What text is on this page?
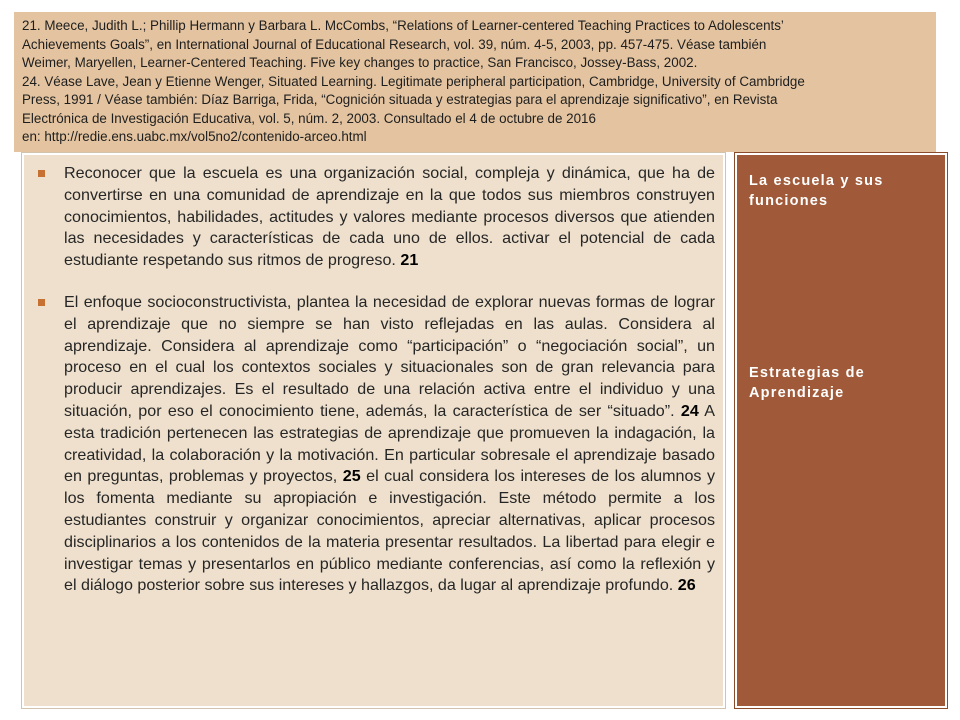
21. Meece, Judith L.; Phillip Hermann y Barbara L. McCombs, “Relations of Learner-centered Teaching Practices to Adolescents’
Achievements Goals”, en International Journal of Educational Research, vol. 39, núm. 4-5, 2003, pp. 457-475. Véase también
Weimer, Maryellen, Learner-Centered Teaching. Five key changes to practice, San Francisco, Jossey-Bass, 2002.
24. Véase Lave, Jean y Etienne Wenger, Situated Learning. Legitimate peripheral participation, Cambridge, University of Cambridge
Press, 1991 / Véase también: Díaz Barriga, Frida, “Cognición situada y estrategias para el aprendizaje significativo”, en Revista
Electrónica de Investigación Educativa, vol. 5, núm. 2, 2003. Consultado el 4 de octubre de 2016
en: http://redie.ens.uabc.mx/vol5no2/contenido-arceo.html

Reconocer que la escuela es una organización social, compleja y dinámica, que ha de convertirse en una comunidad de aprendizaje en la que todos sus miembros construyen conocimientos, habilidades, actitudes y valores mediante procesos diversos que atienden las necesidades y características de cada uno de ellos. activar el potencial de cada estudiante respetando sus ritmos de progreso. 21

El enfoque socioconstructivista, plantea la necesidad de explorar nuevas formas de lograr el aprendizaje que no siempre se han visto reflejadas en las aulas. Considera al aprendizaje. Considera al aprendizaje como “participación” o “negociación social”, un proceso en el cual los contextos sociales y situacionales son de gran relevancia para producir aprendizajes. Es el resultado de una relación activa entre el individuo y una situación, por eso el conocimiento tiene, además, la característica de ser “situado”. 24 A esta tradición pertenecen las estrategias de aprendizaje que promueven la indagación, la creatividad, la colaboración y la motivación. En particular sobresale el aprendizaje basado en preguntas, problemas y proyectos, 25 el cual considera los intereses de los alumnos y los fomenta mediante su apropiación e investigación. Este método permite a los estudiantes construir y organizar conocimientos, apreciar alternativas, aplicar procesos disciplinarios a los contenidos de la materia presentar resultados. La libertad para elegir e investigar temas y presentarlos en público mediante conferencias, así como la reflexión y el diálogo posterior sobre sus intereses y hallazgos, da lugar al aprendizaje profundo. 26

La escuela y sus funciones
Estrategias de Aprendizaje
